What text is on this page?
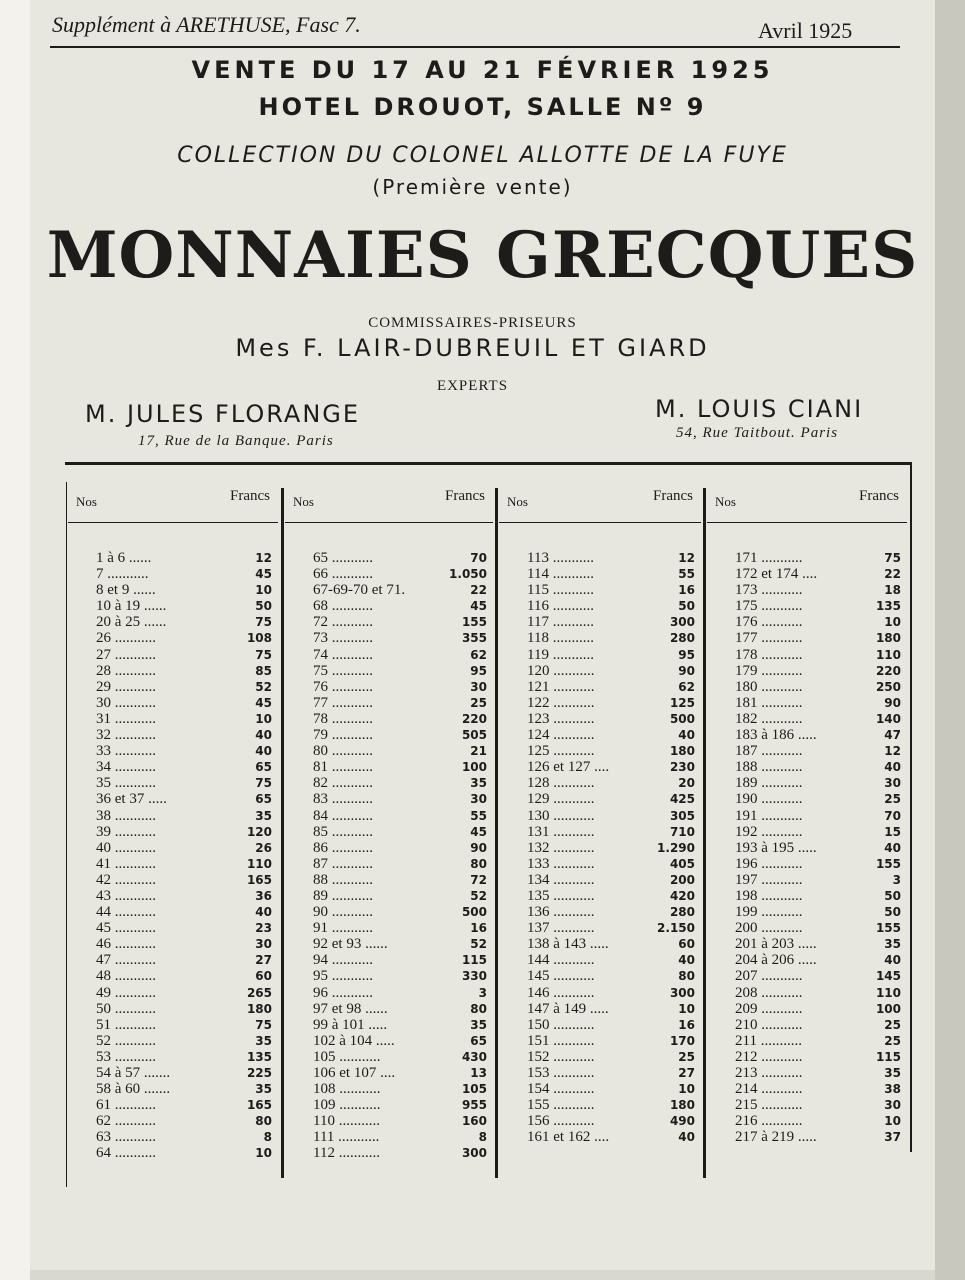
Supplément à ARETHUSE, Fasc 7.	Avril 1925
VENTE DU 17 AU 21 FÉVRIER 1925
HOTEL DROUOT, SALLE Nº 9
COLLECTION DU COLONEL ALLOTTE DE LA FUYE
(Première vente)
MONNAIES GRECQUES
COMMISSAIRES-PRISEURS
Mes F. LAIR-DUBREUIL ET GIARD
EXPERTS
M. JULES FLORANGE
17, Rue de la Banque. Paris
M. LOUIS CIANI
54, Rue Taitbout. Paris
Nos	Francs
1 à 6 ......	12
7 ...........	45
8 et 9 ......	10
10 à 19 ......	50
20 à 25 ......	75
26 ...........	108
27 ...........	75
28 ...........	85
29 ...........	52
30 ...........	45
31 ...........	10
32 ...........	40
33 ...........	40
34 ...........	65
35 ...........	75
36 et 37 .....	65
38 ...........	35
39 ...........	120
40 ...........	26
41 ...........	110
42 ...........	165
43 ...........	36
44 ...........	40
45 ...........	23
46 ...........	30
47 ...........	27
48 ...........	60
49 ...........	265
50 ...........	180
51 ...........	75
52 ...........	35
53 ...........	135
54 à 57 .......	225
58 à 60 .......	35
61 ...........	165
62 ...........	80
63 ...........	8
64 ...........	10
Nos	Francs
65 ...........	70
66 ...........	1.050
67-69-70 et 71.	22
68 ...........	45
72 ...........	155
73 ...........	355
74 ...........	62
75 ...........	95
76 ...........	30
77 ...........	25
78 ...........	220
79 ...........	505
80 ...........	21
81 ...........	100
82 ...........	35
83 ...........	30
84 ...........	55
85 ...........	45
86 ...........	90
87 ...........	80
88 ...........	72
89 ...........	52
90 ...........	500
91 ...........	16
92 et 93 ......	52
94 ...........	115
95 ...........	330
96 ...........	3
97 et 98 ......	80
99 à 101 .....	35
102 à 104 .....	65
105 ...........	430
106 et 107 ....	13
108 ...........	105
109 ...........	955
110 ...........	160
111 ...........	8
112 ...........	300
Nos	Francs
113 ...........	12
114 ...........	55
115 ...........	16
116 ...........	50
117 ...........	300
118 ...........	280
119 ...........	95
120 ...........	90
121 ...........	62
122 ...........	125
123 ...........	500
124 ...........	40
125 ...........	180
126 et 127 ....	230
128 ...........	20
129 ...........	425
130 ...........	305
131 ...........	710
132 ...........	1.290
133 ...........	405
134 ...........	200
135 ...........	420
136 ...........	280
137 ...........	2.150
138 à 143 .....	60
144 ...........	40
145 ...........	80
146 ...........	300
147 à 149 .....	10
150 ...........	16
151 ...........	170
152 ...........	25
153 ...........	27
154 ...........	10
155 ...........	180
156 ...........	490
161 et 162 ....	40
Nos	Francs
171 ...........	75
172 et 174 ....	22
173 ...........	18
175 ...........	135
176 ...........	10
177 ...........	180
178 ...........	110
179 ...........	220
180 ...........	250
181 ...........	90
182 ...........	140
183 à 186 .....	47
187 ...........	12
188 ...........	40
189 ...........	30
190 ...........	25
191 ...........	70
192 ...........	15
193 à 195 .....	40
196 ...........	155
197 ...........	3
198 ...........	50
199 ...........	50
200 ...........	155
201 à 203 .....	35
204 à 206 .....	40
207 ...........	145
208 ...........	110
209 ...........	100
210 ...........	25
211 ...........	25
212 ...........	115
213 ...........	35
214 ...........	38
215 ...........	30
216 ...........	10
217 à 219 .....	37
